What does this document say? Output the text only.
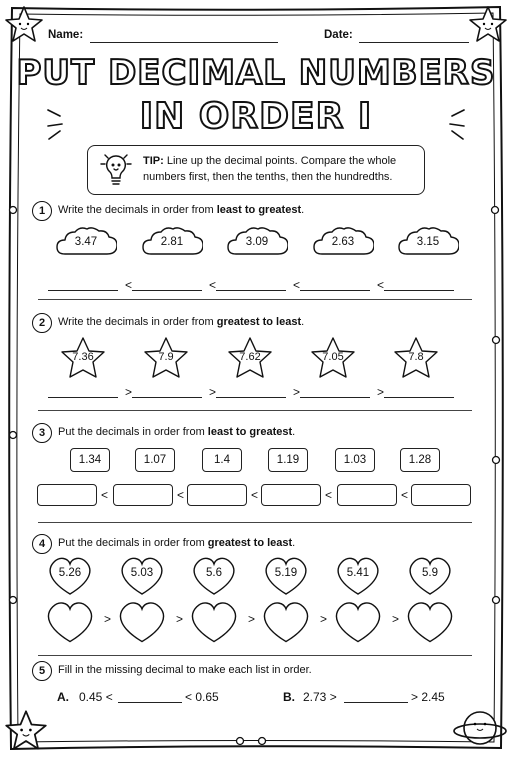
Name:	Date:
PUT DECIMAL NUMBERS
IN ORDER I
TIP: Line up the decimal points. Compare the whole numbers first, then the tenths, then the hundredths.
1	Write the decimals in order from least to greatest.
3.47	2.81	3.09	2.63	3.15
<	<	<	<
2	Write the decimals in order from greatest to least.
7.36	7.9	7.62	7.05	7.8
>	>	>	>
3	Put the decimals in order from least to greatest.
1.34	1.07	1.4	1.19	1.03	1.28
<	<	<	<	<
4	Put the decimals in order from greatest to least.
5.26	5.03	5.6	5.19	5.41	5.9
>	>	>	>	>
5	Fill in the missing decimal to make each list in order.
A. 0.45 <	< 0.65	B. 2.73 >	> 2.45
